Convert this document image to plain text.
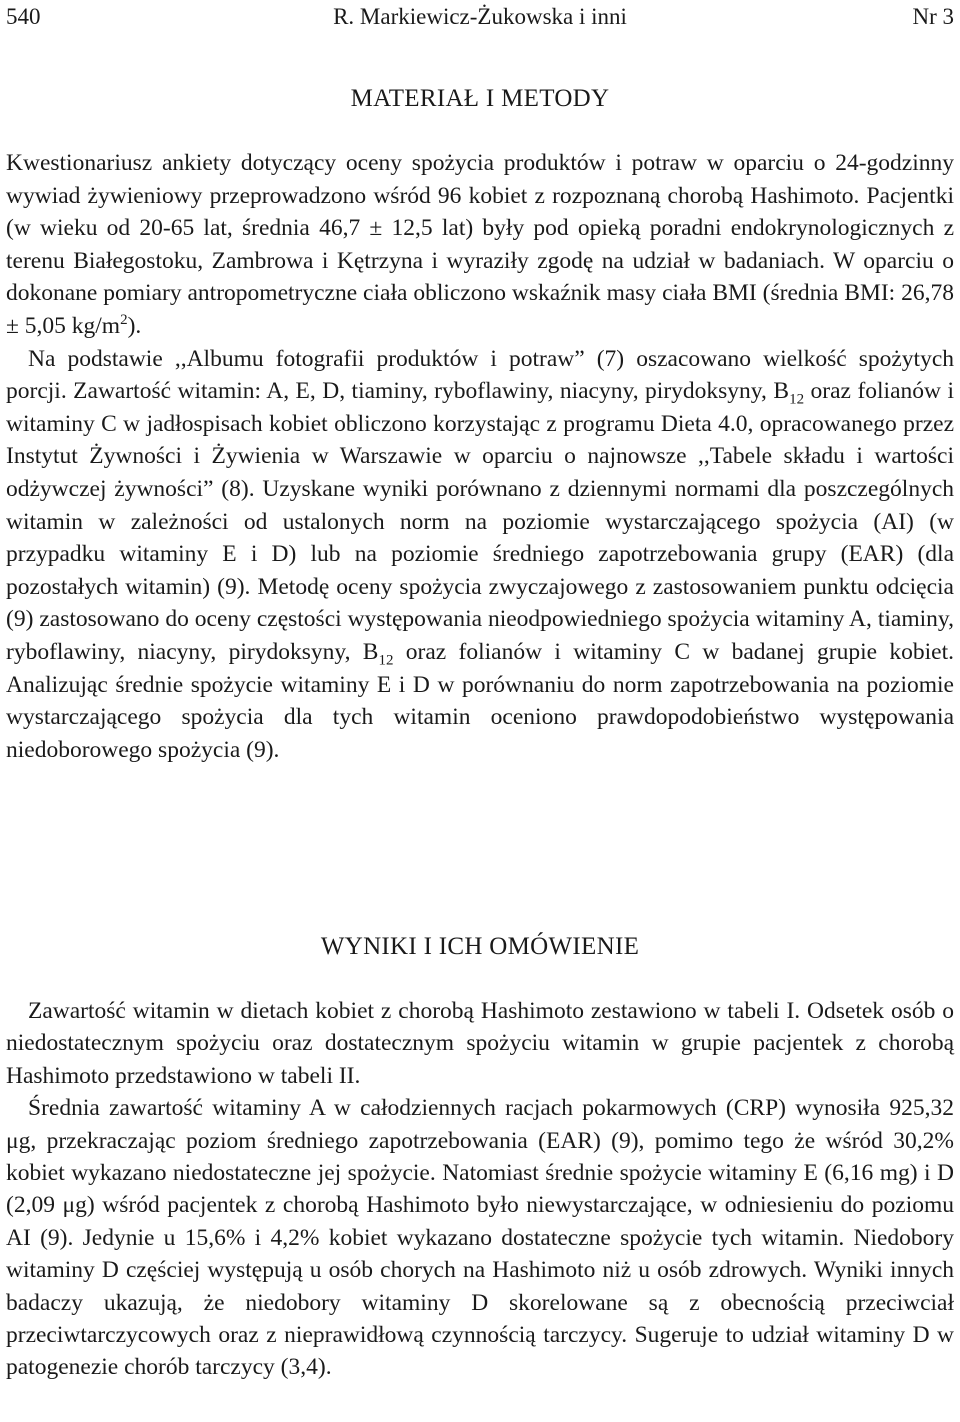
540	R. Markiewicz-Żukowska i inni	Nr 3
MATERIAŁ I METODY

Kwestionariusz ankiety dotyczący oceny spożycia produktów i potraw w oparciu o 24-godzinny wywiad żywieniowy przeprowadzono wśród 96 kobiet z rozpoznaną chorobą Hashimoto. Pacjentki (w wieku od 20-65 lat, średnia 46,7 ± 12,5 lat) były pod opieką poradni endokrynologicznych z terenu Białegostoku, Zambrowa i Kętrzyna i wyraziły zgodę na udział w badaniach. W oparciu o dokonane pomiary antropometryczne ciała obliczono wskaźnik masy ciała BMI (średnia BMI: 26,78 ± 5,05 $kg/m^2$).

Na podstawie ,,Albumu fotografii produktów i potraw” (7) oszacowano wielkość spożytych porcji. Zawartość witamin: A, E, D, tiaminy, ryboflawiny, niacyny, pirydoksyny, $B_{12}$ oraz folianów i witaminy C w jadłospisach kobiet obliczono korzystając z programu Dieta 4.0, opracowanego przez Instytut Żywności i Żywienia w Warszawie w oparciu o najnowsze ,,Tabele składu i wartości odżywczej żywności” (8). Uzyskane wyniki porównano z dziennymi normami dla poszczególnych witamin w zależności od ustalonych norm na poziomie wystarczającego spożycia (AI) (w przypadku witaminy E i D) lub na poziomie średniego zapotrzebowania grupy (EAR) (dla pozostałych witamin) (9). Metodę oceny spożycia zwyczajowego z zastosowaniem punktu odcięcia (9) zastosowano do oceny częstości występowania nieodpowiedniego spożycia witaminy A, tiaminy, ryboflawiny, niacyny, pirydoksyny, $B_{12}$ oraz folianów i witaminy C w badanej grupie kobiet. Analizując średnie spożycie witaminy E i D w porównaniu do norm zapotrzebowania na poziomie wystarczającego spożycia dla tych witamin oceniono prawdopodobieństwo występowania niedoborowego spożycia (9).

WYNIKI I ICH OMÓWIENIE

Zawartość witamin w dietach kobiet z chorobą Hashimoto zestawiono w tabeli I. Odsetek osób o niedostatecznym spożyciu oraz dostatecznym spożyciu witamin w grupie pacjentek z chorobą Hashimoto przedstawiono w tabeli II.

Średnia zawartość witaminy A w całodziennych racjach pokarmowych (CRP) wynosiła 925,32 μg, przekraczając poziom średniego zapotrzebowania (EAR) (9), pomimo tego że wśród 30,2% kobiet wykazano niedostateczne jej spożycie. Natomiast średnie spożycie witaminy E (6,16 mg) i D (2,09 μg) wśród pacjentek z chorobą Hashimoto było niewystarczające, w odniesieniu do poziomu AI (9). Jedynie u 15,6% i 4,2% kobiet wykazano dostateczne spożycie tych witamin. Niedobory witaminy D częściej występują u osób chorych na Hashimoto niż u osób zdrowych. Wyniki innych badaczy ukazują, że niedobory witaminy D skorelowane są z obecnością przeciwciał przeciwtarczycowych oraz z nieprawidłową czynnością tarczycy. Sugeruje to udział witaminy D w patogenezie chorób tarczycy (3,4).
